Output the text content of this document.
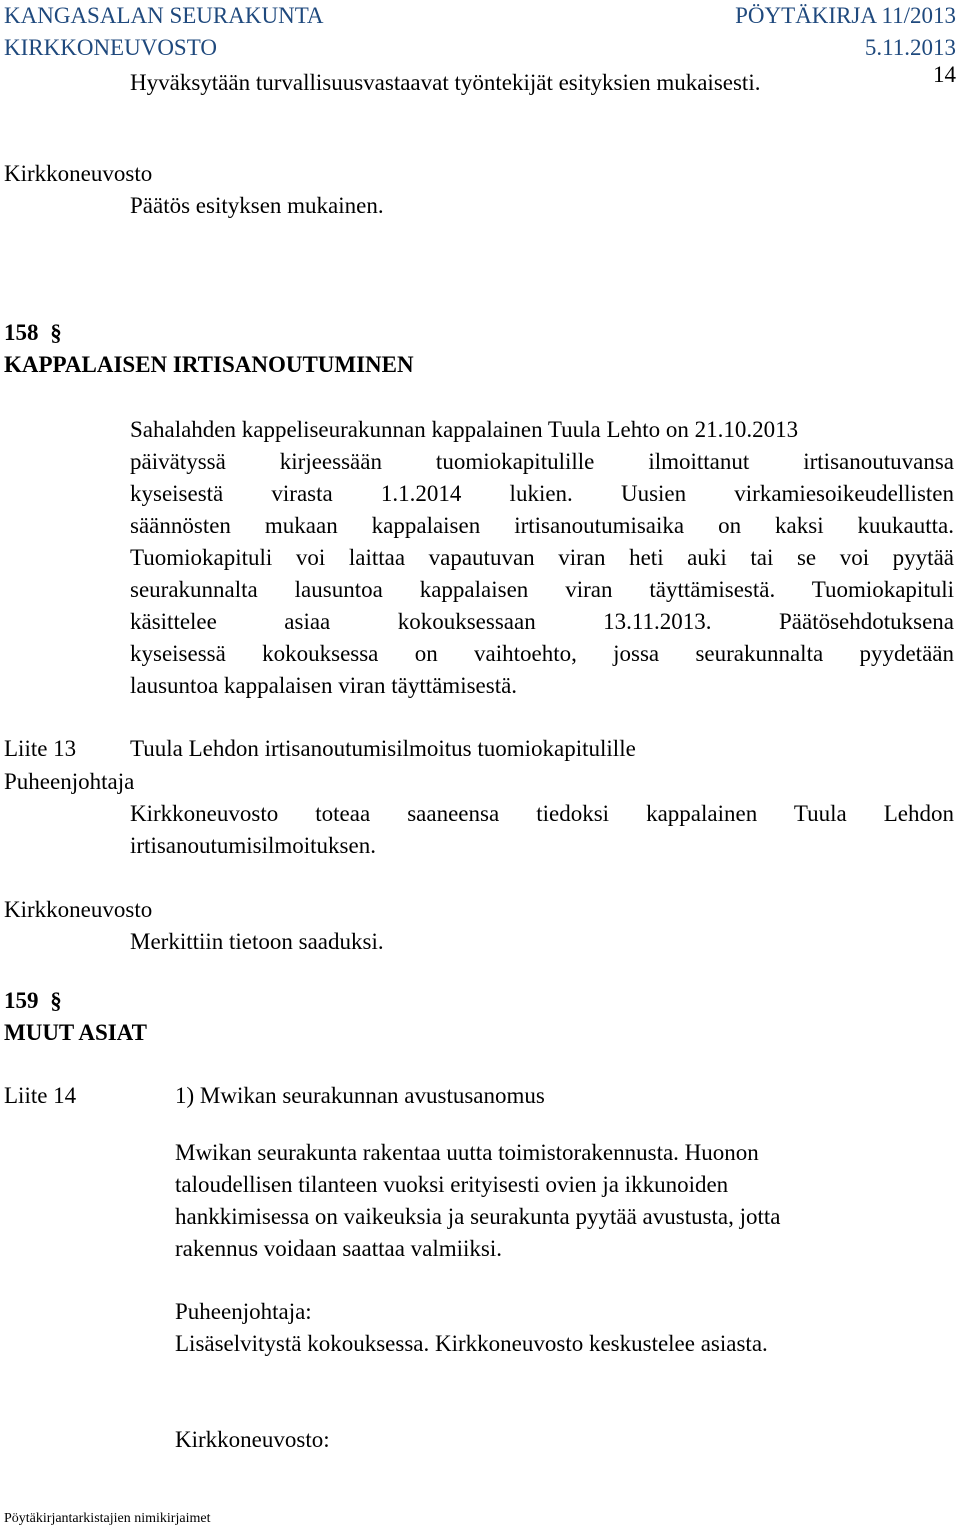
KANGASALAN SEURAKUNTA	PÖYTÄKIRJA 11/2013
KIRKKONEUVOSTO	5.11.2013
14
Hyväksytään turvallisuusvastaavat työntekijät esityksien mukaisesti.
Kirkkoneuvosto
Päätös esityksen mukainen.
158 §
KAPPALAISEN IRTISANOUTUMINEN
Sahalahden kappeliseurakunnan kappalainen Tuula Lehto on 21.10.2013
päivätyssä kirjeessään tuomiokapitulille ilmoittanut irtisanoutuvansa
kyseisestä virasta 1.1.2014 lukien. Uusien virkamiesoikeudellisten
säännösten mukaan kappalaisen irtisanoutumisaika on kaksi kuukautta.
Tuomiokapituli voi laittaa vapautuvan viran heti auki tai se voi pyytää
seurakunnalta lausuntoa kappalaisen viran täyttämisestä. Tuomiokapituli
käsittelee asiaa kokouksessaan 13.11.2013. Päätösehdotuksena
kyseisessä kokouksessa on vaihtoehto, jossa seurakunnalta pyydetään
lausuntoa kappalaisen viran täyttämisestä.
Liite 13 Tuula Lehdon irtisanoutumisilmoitus tuomiokapitulille
Puheenjohtaja
Kirkkoneuvosto toteaa saaneensa tiedoksi kappalainen Tuula Lehdon
irtisanoutumisilmoituksen.
Kirkkoneuvosto
Merkittiin tietoon saaduksi.
159 §
MUUT ASIAT
Liite 14	1) Mwikan seurakunnan avustusanomus
Mwikan seurakunta rakentaa uutta toimistorakennusta. Huonon
taloudellisen tilanteen vuoksi erityisesti ovien ja ikkunoiden
hankkimisessa on vaikeuksia ja seurakunta pyytää avustusta, jotta
rakennus voidaan saattaa valmiiksi.
Puheenjohtaja:
Lisäselvitystä kokouksessa. Kirkkoneuvosto keskustelee asiasta.
Kirkkoneuvosto:
Pöytäkirjantarkistajien nimikirjaimet
